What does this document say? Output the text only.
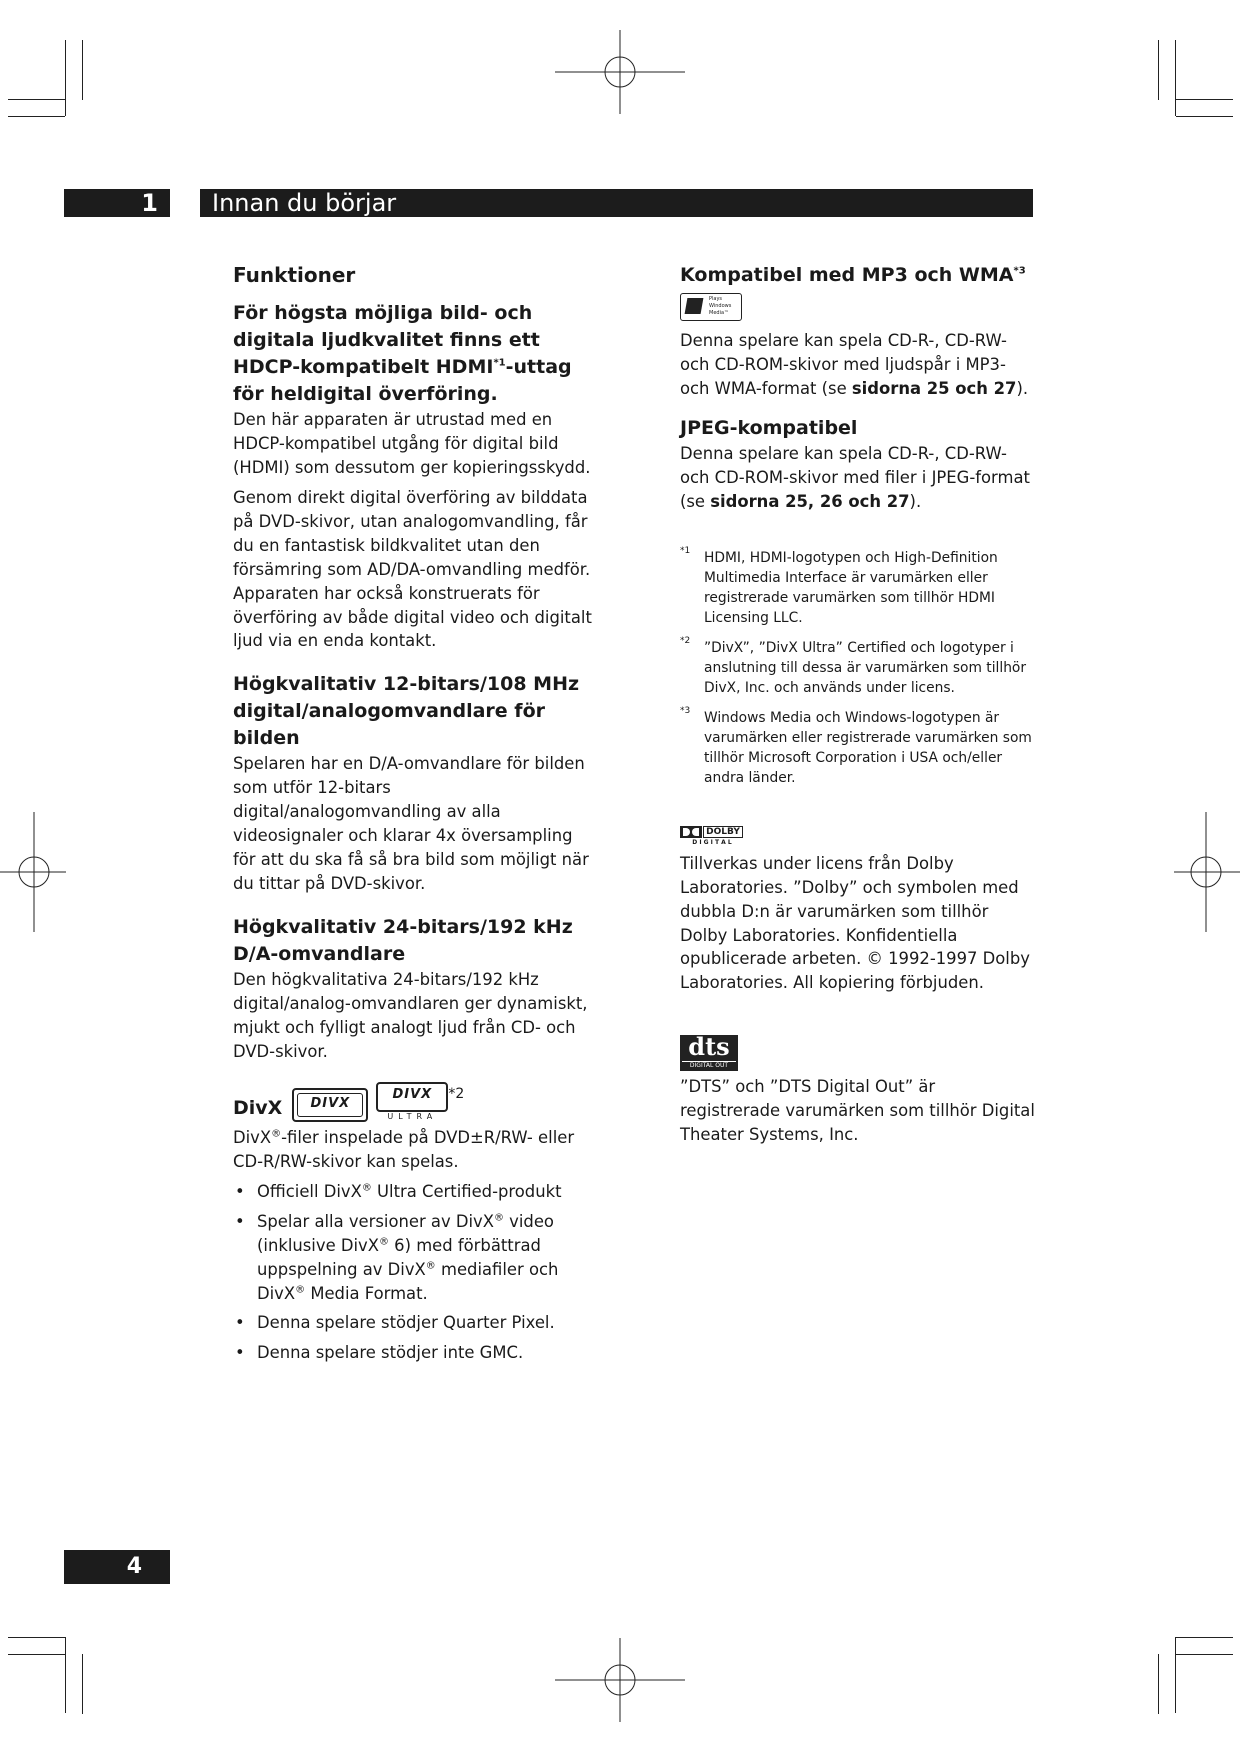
1 Innan du börjar
Funktioner
För högsta möjliga bild- och digitala ljudkvalitet finns ett HDCP-kompatibelt HDMI$^{*1}$-uttag för heldigital överföring.

Den här apparaten är utrustad med en HDCP-kompatibel utgång för digital bild (HDMI) som dessutom ger kopieringsskydd.

Genom direkt digital överföring av bilddata på DVD-skivor, utan analogomvandling, får du en fantastisk bildkvalitet utan den försämring som AD/DA-omvandling medför. Apparaten har också konstruerats för överföring av både digital video och digitalt ljud via en enda kontakt.

Högkvalitativ 12-bitars/108 MHz digital/analogomvandlare för bilden

Spelaren har en D/A-omvandlare för bilden som utför 12-bitars digital/analogomvandling av alla videosignaler och klarar 4x översampling för att du ska få så bra bild som möjligt när du tittar på DVD-skivor.

Högkvalitativ 24-bitars/192 kHz D/A-omvandlare

Den högkvalitativa 24-bitars/192 kHz digital/analog-omvandlaren ger dynamiskt, mjukt och fylligt analogt ljud från CD- och DVD-skivor.

DivX	DIVX
DIVX
ULTRA
*2

DivX®-filer inspelade på DVD±R/RW- eller CD-R/RW-skivor kan spelas.

• Officiell DivX® Ultra Certified-produkt
• Spelar alla versioner av DivX® video (inklusive DivX® 6) med förbättrad uppspelning av DivX® mediafiler och DivX® Media Format.
• Denna spelare stödjer Quarter Pixel.
• Denna spelare stödjer inte GMC.
Kompatibel med MP3 och WMA$^{*3}$
Plays
Windows
Media™

Denna spelare kan spela CD-R-, CD-RW- och CD-ROM-skivor med ljudspår i MP3- och WMA-format (se sidorna 25 och 27).

JPEG-kompatibel

Denna spelare kan spela CD-R-, CD-RW- och CD-ROM-skivor med filer i JPEG-format (se sidorna 25, 26 och 27).

*1 HDMI, HDMI-logotypen och High-Definition Multimedia Interface är varumärken eller registrerade varumärken som tillhör HDMI Licensing LLC.
*2 ”DivX”, ”DivX Ultra” Certified och logotyper i anslutning till dessa är varumärken som tillhör DivX, Inc. och används under licens.
*3 Windows Media och Windows-logotypen är varumärken eller registrerade varumärken som tillhör Microsoft Corporation i USA och/eller andra länder.
DOLBY
D I G I T A L

Tillverkas under licens från Dolby Laboratories. ”Dolby” och symbolen med dubbla D:n är varumärken som tillhör Dolby Laboratories. Konfidentiella opublicerade arbeten. © 1992-1997 Dolby Laboratories. All kopiering förbjuden.

dts
DIGITAL OUT

”DTS” och ”DTS Digital Out” är registrerade varumärken som tillhör Digital Theater Systems, Inc.

4
